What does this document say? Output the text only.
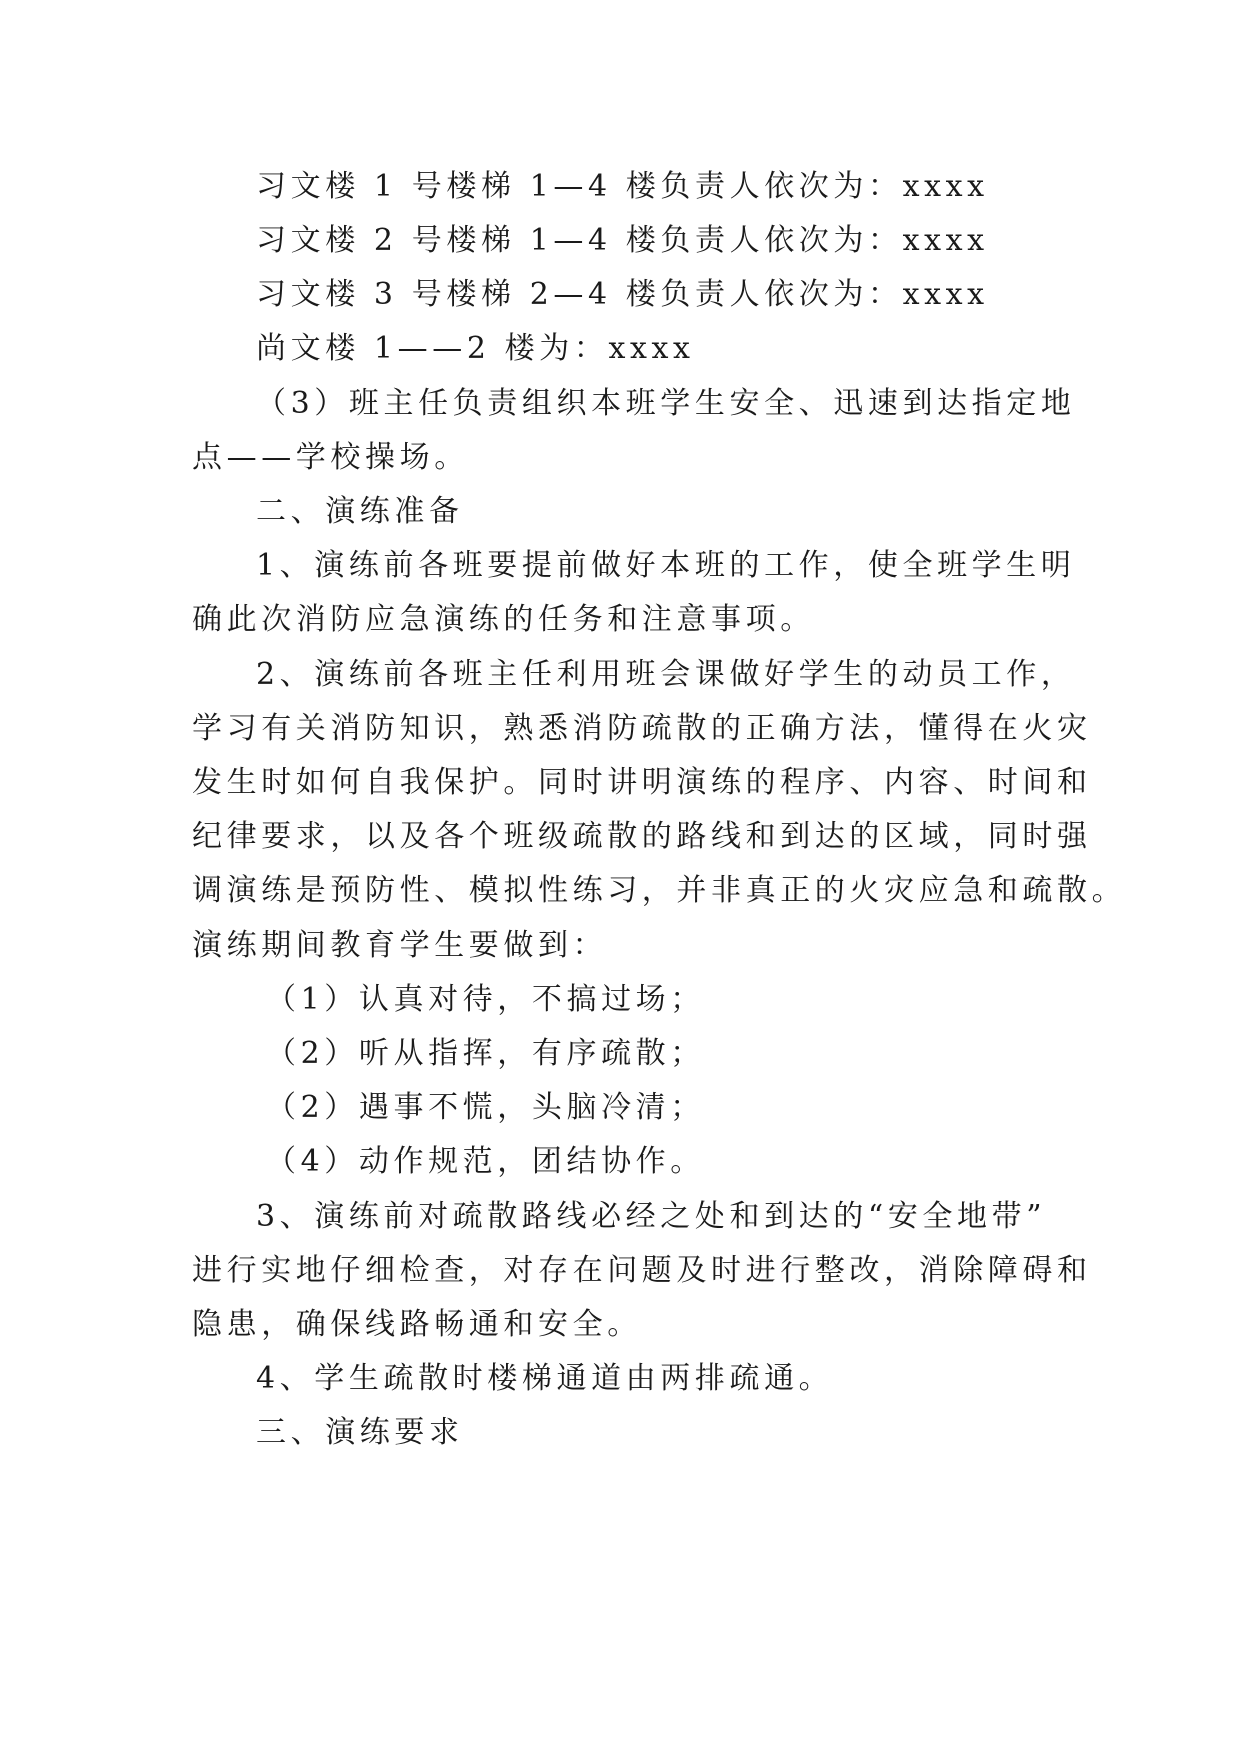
习文楼 1 号楼梯 1—4 楼负责人依次为：xxxx
习文楼 2 号楼梯 1—4 楼负责人依次为：xxxx
习文楼 3 号楼梯 2—4 楼负责人依次为：xxxx
尚文楼 1——2 楼为：xxxx
（3）班主任负责组织本班学生安全、迅速到达指定地
点——学校操场。
二、演练准备
1、演练前各班要提前做好本班的工作，使全班学生明
确此次消防应急演练的任务和注意事项。
2、演练前各班主任利用班会课做好学生的动员工作，
学习有关消防知识，熟悉消防疏散的正确方法，懂得在火灾
发生时如何自我保护。同时讲明演练的程序、内容、时间和
纪律要求，以及各个班级疏散的路线和到达的区域，同时强
调演练是预防性、模拟性练习，并非真正的火灾应急和疏散。
演练期间教育学生要做到：
（1）认真对待，不搞过场；
（2）听从指挥，有序疏散；
（2）遇事不慌，头脑冷清；
（4）动作规范，团结协作。
3、演练前对疏散路线必经之处和到达的“安全地带”
进行实地仔细检查，对存在问题及时进行整改，消除障碍和
隐患，确保线路畅通和安全。
4、学生疏散时楼梯通道由两排疏通。
三、演练要求
